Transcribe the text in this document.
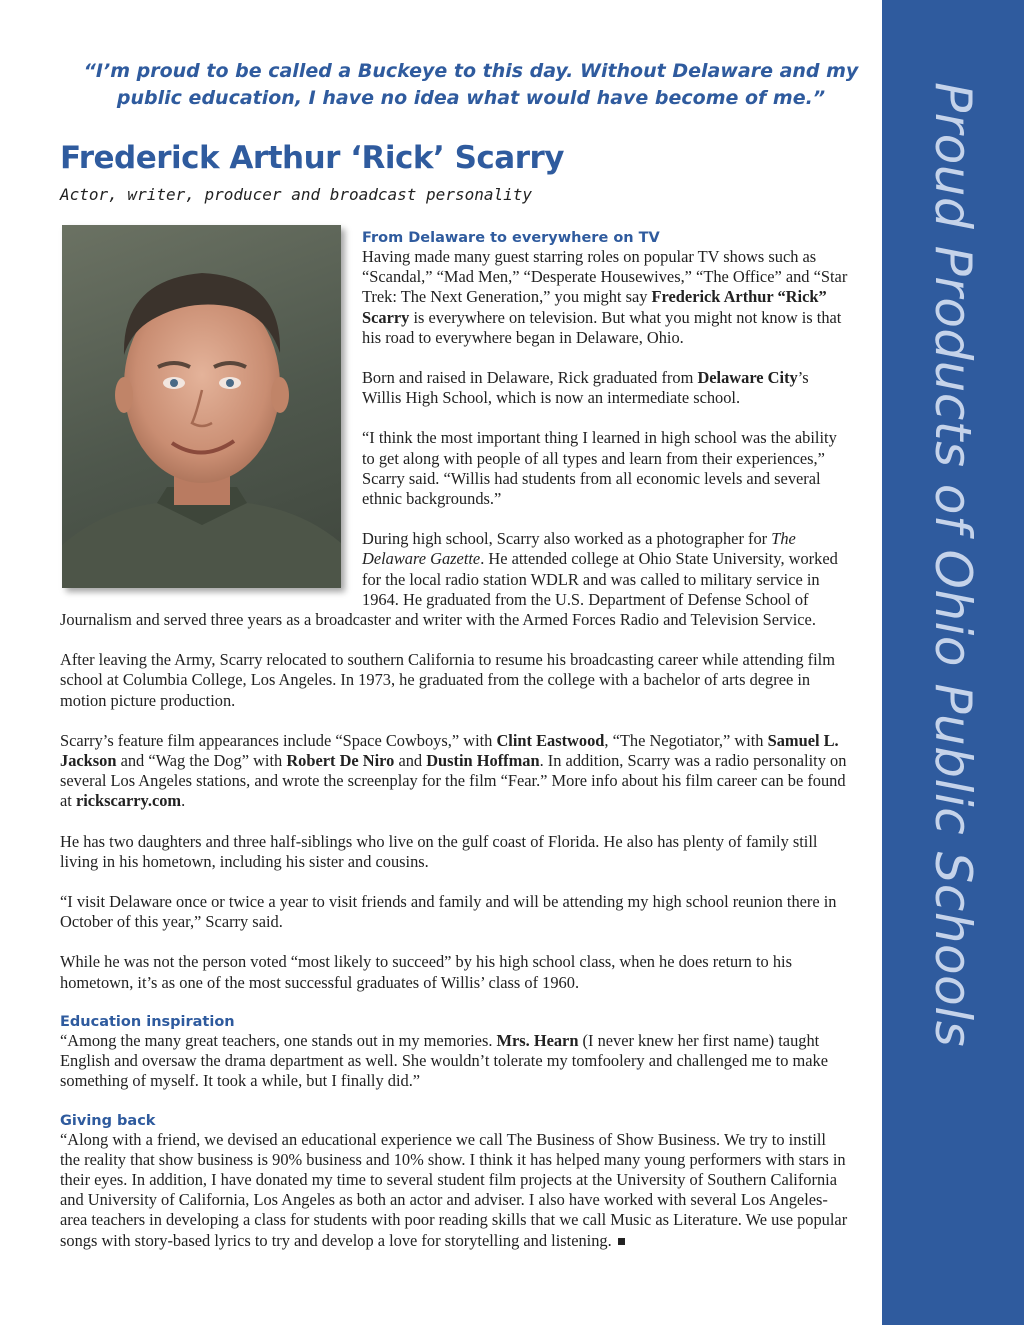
Proud Products of Ohio Public Schools
“I’m proud to be called a Buckeye to this day. Without Delaware and my public education, I have no idea what would have become of me.”
Frederick Arthur ‘Rick’ Scarry
Actor, writer, producer and broadcast personality
From Delaware to everywhere on TV

Having made many guest starring roles on popular TV shows such as “Scandal,” “Mad Men,” “Desperate Housewives,” “The Office” and “Star Trek: The Next Generation,” you might say Frederick Arthur “Rick” Scarry is everywhere on television. But what you might not know is that his road to everywhere began in Delaware, Ohio.

Born and raised in Delaware, Rick graduated from Delaware City’s Willis High School, which is now an intermediate school.

“I think the most important thing I learned in high school was the ability to get along with people of all types and learn from their experiences,” Scarry said. “Willis had students from all economic levels and several ethnic backgrounds.”

During high school, Scarry also worked as a photographer for The Delaware Gazette. He attended college at Ohio State University, worked for the local radio station WDLR and was called to military service in 1964. He graduated from the U.S. Department of Defense School of Journalism and served three years as a broadcaster and writer with the Armed Forces Radio and Television Service.

After leaving the Army, Scarry relocated to southern California to resume his broadcasting career while attending film school at Columbia College, Los Angeles. In 1973, he graduated from the college with a bachelor of arts degree in motion picture production.

Scarry’s feature film appearances include “Space Cowboys,” with Clint Eastwood, “The Negotiator,” with Samuel L. Jackson and “Wag the Dog” with Robert De Niro and Dustin Hoffman. In addition, Scarry was a radio personality on several Los Angeles stations, and wrote the screenplay for the film “Fear.” More info about his film career can be found at rickscarry.com.

He has two daughters and three half-siblings who live on the gulf coast of Florida. He also has plenty of family still living in his hometown, including his sister and cousins.

“I visit Delaware once or twice a year to visit friends and family and will be attending my high school reunion there in October of this year,” Scarry said.

While he was not the person voted “most likely to succeed” by his high school class, when he does return to his hometown, it’s as one of the most successful graduates of Willis’ class of 1960.

Education inspiration

“Among the many great teachers, one stands out in my memories. Mrs. Hearn (I never knew her first name) taught English and oversaw the drama department as well. She wouldn’t tolerate my tomfoolery and challenged me to make something of myself. It took a while, but I finally did.”

Giving back

“Along with a friend, we devised an educational experience we call The Business of Show Business. We try to instill the reality that show business is 90% business and 10% show. I think it has helped many young performers with stars in their eyes. In addition, I have donated my time to several student film projects at the University of Southern California and University of California, Los Angeles as both an actor and adviser. I also have worked with several Los Angeles-area teachers in developing a class for students with poor reading skills that we call Music as Literature. We use popular songs with story-based lyrics to try and develop a love for storytelling and listening.
